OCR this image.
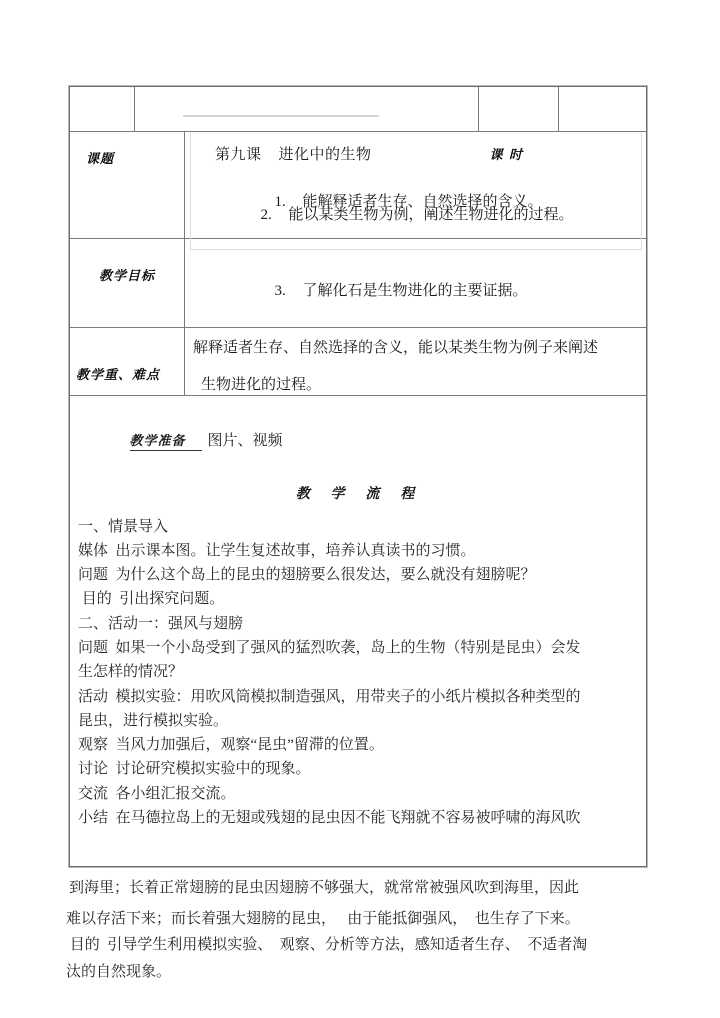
课题	第九课    进化中的生物	课 时

1. 能解释适者生存、自然选择的含义。

2. 能以某类生物为例，阐述生物进化的过程。

教学目标

3. 了解化石是生物进化的主要证据。

教学重、难点
解释适者生存、自然选择的含义，能以某类生物为例子来阐述
生物进化的过程。

教学准备 图片、视频

教 学 流 程

一、情景导入

媒体  出示课本图。让学生复述故事，培养认真读书的习惯。

问题  为什么这个岛上的昆虫的翅膀要么很发达，要么就没有翅膀呢？

目的  引出探究问题。

二、活动一：强风与翅膀

问题  如果一个小岛受到了强风的猛烈吹袭，岛上的生物（特别是昆虫）会发

生怎样的情况？

活动  模拟实验：用吹风筒模拟制造强风，用带夹子的小纸片模拟各种类型的

昆虫，进行模拟实验。

观察  当风力加强后，观察“昆虫”留滞的位置。

讨论  讨论研究模拟实验中的现象。

交流  各小组汇报交流。

小结  在马德拉岛上的无翅或残翅的昆虫因不能飞翔就不容易被呼啸的海风吹

到海里；长着正常翅膀的昆虫因翅膀不够强大，就常常被强风吹到海里，因此

难以存活下来；而长着强大翅膀的昆虫，   由于能抵御强风，  也生存了下来。

目的  引导学生利用模拟实验、  观察、分析等方法，感知适者生存、  不适者淘

汰的自然现象。
